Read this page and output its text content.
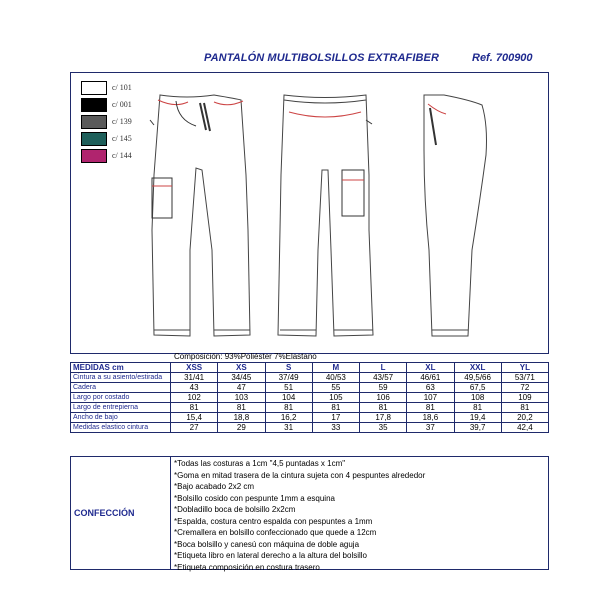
PANTALÓN MULTIBOLSILLOS EXTRAFIBER	Ref. 700900
c/ 101
c/ 001
c/ 139
c/ 145
c/ 144
Composición: 93%Poliéster 7%Elastano
MEDIDAS cm	XSS	XS	S	M	L	XL	XXL	YL
Cintura a su asiento/estirada	31/41	34/45	37/49	40/53	43/57	46/61	49,5/66	53/71
Cadera	43	47	51	55	59	63	67,5	72
Largo por costado	102	103	104	105	106	107	108	109
Largo de entrepierna	81	81	81	81	81	81	81	81
Ancho de bajo	15,4	18,8	16,2	17	17,8	18,6	19,4	20,2
Medidas elastico cintura	27	29	31	33	35	37	39,7	42,4
CONFECCIÓN
*Todas las costuras a 1cm "4,5 puntadas x 1cm"
*Goma en mitad trasera de la cintura sujeta con 4 pespuntes alrededor
*Bajo acabado 2x2 cm
*Bolsillo cosido con pespunte 1mm a esquina
*Dobladillo boca de bolsillo 2x2cm
*Espalda, costura centro espalda con pespuntes a 1mm
*Cremallera en bolsillo confeccionado que quede a 12cm
*Boca bolsillo y canesú con máquina de doble aguja
*Etiqueta libro en lateral derecho a la altura del bolsillo
*Etiqueta composición en costura trasero
